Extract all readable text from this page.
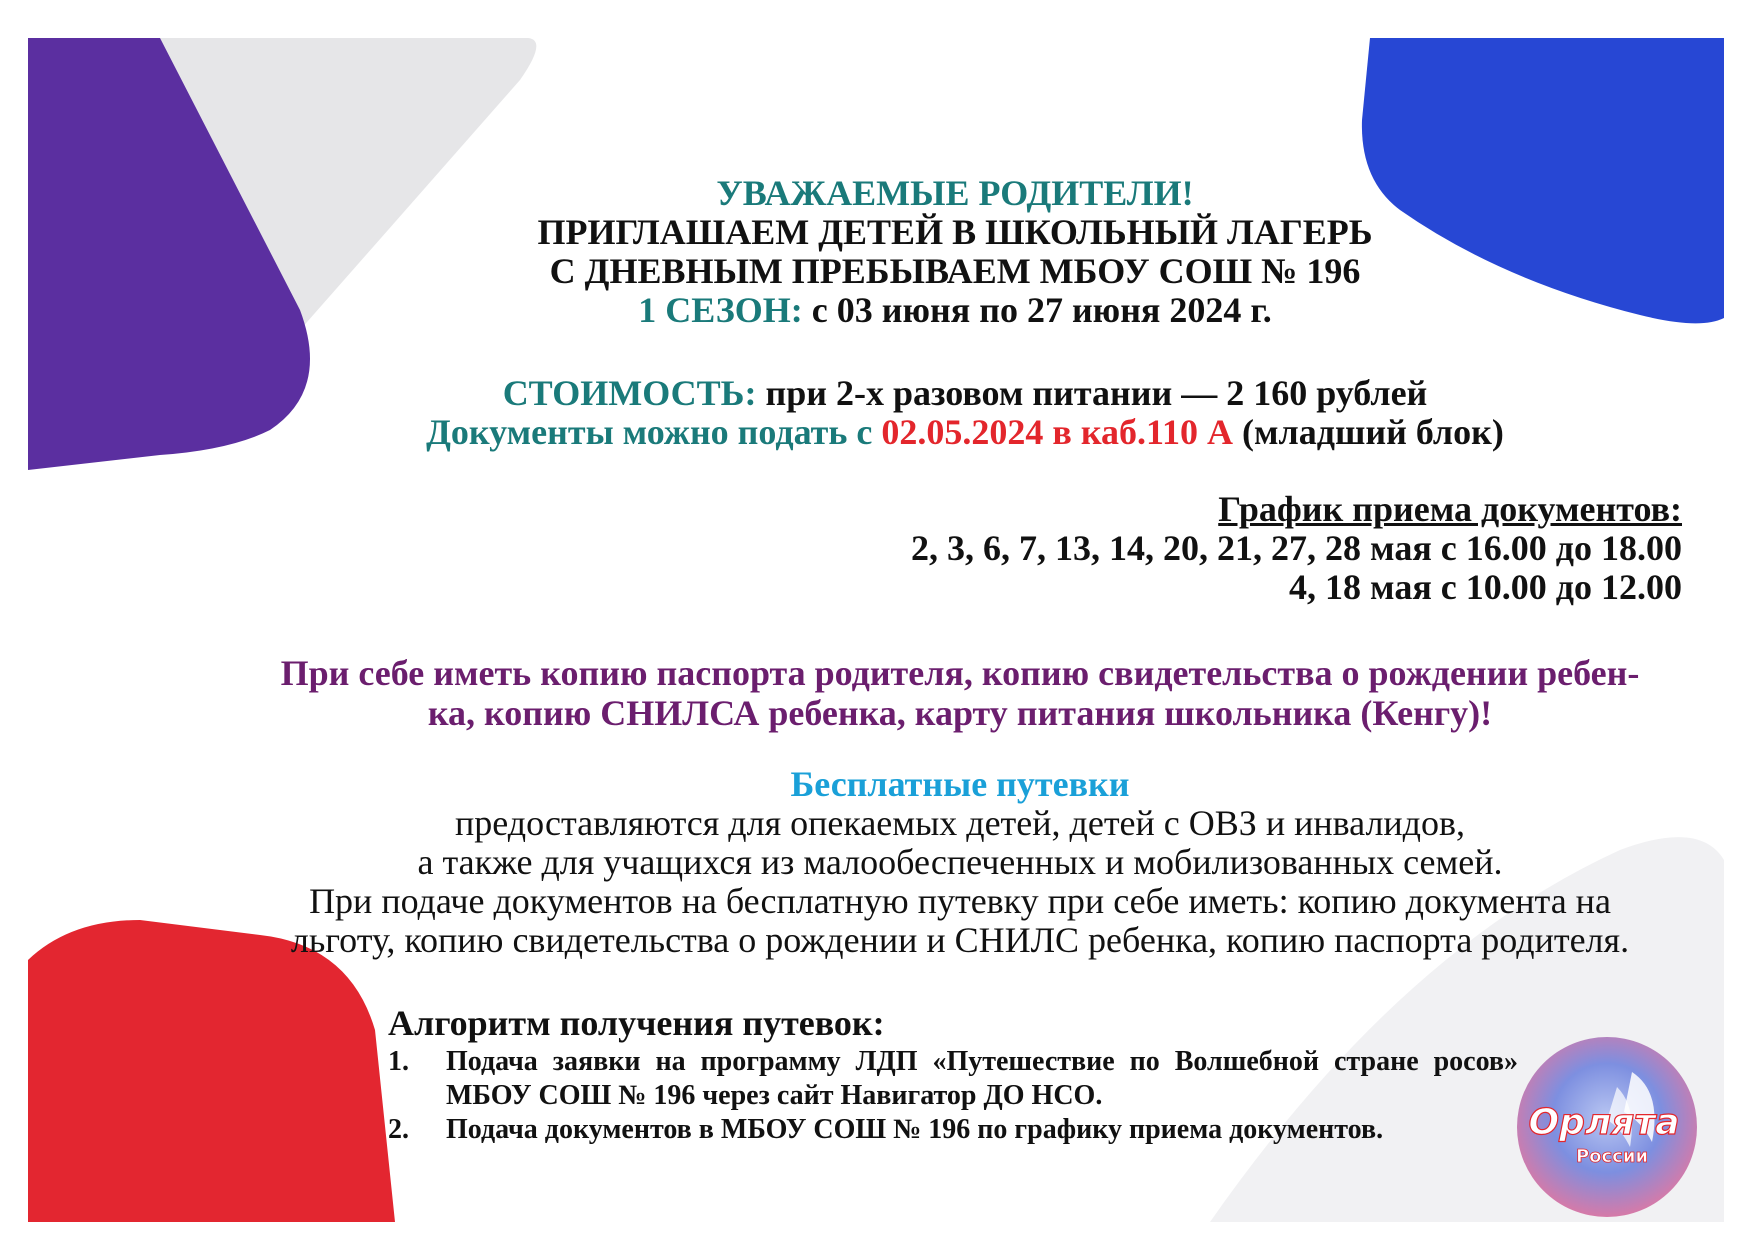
УВАЖАЕМЫЕ РОДИТЕЛИ!
ПРИГЛАШАЕМ ДЕТЕЙ В ШКОЛЬНЫЙ ЛАГЕРЬ
С ДНЕВНЫМ ПРЕБЫВАЕМ МБОУ СОШ № 196
1 СЕЗОН: с 03 июня по 27 июня 2024 г.
СТОИМОСТЬ: при 2-х разовом питании — 2 160 рублей
Документы можно подать с 02.05.2024 в каб.110 А (младший блок)
График приема документов:
2, 3, 6, 7, 13, 14, 20, 21, 27, 28 мая с 16.00 до 18.00
4, 18 мая с 10.00 до 12.00
При себе иметь копию паспорта родителя, копию свидетельства о рождении ребен-
ка, копию СНИЛСА ребенка, карту питания школьника (Кенгу)!
Бесплатные путевки
предоставляются для опекаемых детей, детей с ОВЗ и инвалидов,
а также для учащихся из малообеспеченных и мобилизованных семей.
При подаче документов на бесплатную путевку при себе иметь: копию документа на
льготу, копию свидетельства о рождении и СНИЛС ребенка, копию паспорта родителя.
Алгоритм получения путевок:
1. Подача заявки на программу ЛДП «Путешествие по Волшебной стране росов» МБОУ СОШ № 196 через сайт Навигатор ДО НСО.
2. Подача документов в МБОУ СОШ № 196 по графику приема документов.	Орлята
России
